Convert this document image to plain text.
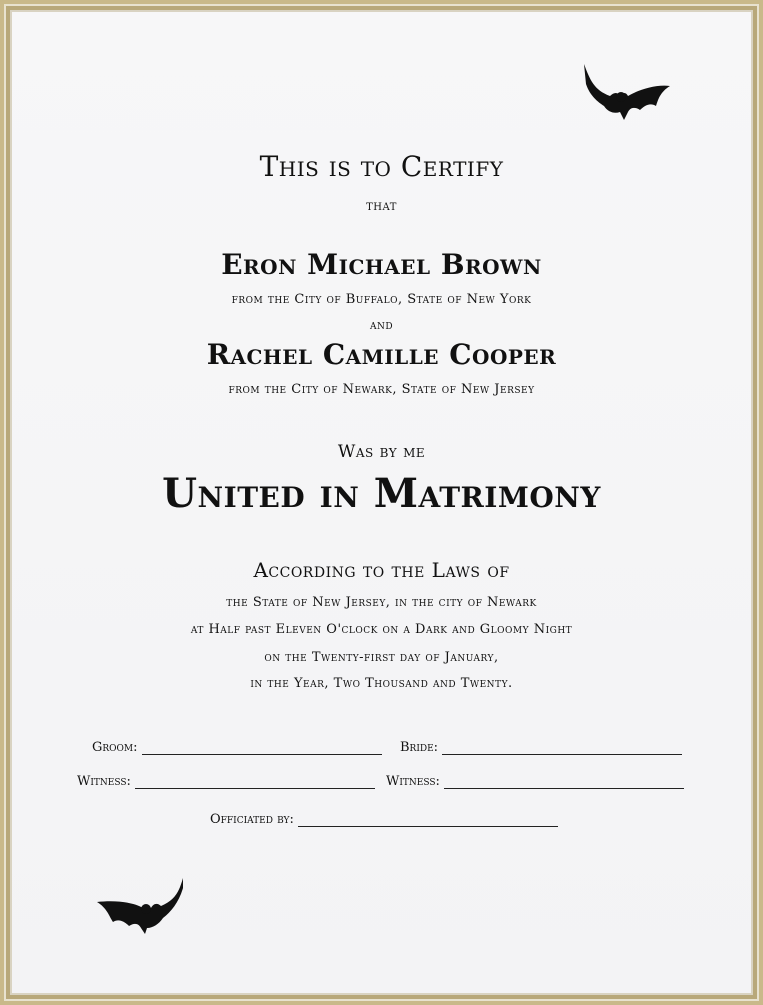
This is to Certify
that
Eron Michael Brown
from the City of Buffalo, State of New York
and
Rachel Camille Cooper
from the City of Newark, State of New Jersey
Was by me
United in Matrimony
According to the Laws of
the State of New Jersey, in the city of Newark
at Half past Eleven O'clock on a Dark and Gloomy Night
on the Twenty-first day of January,
in the Year, Two Thousand and Twenty.
Groom:	Bride:
Witness:	Witness:
Officiated by:
